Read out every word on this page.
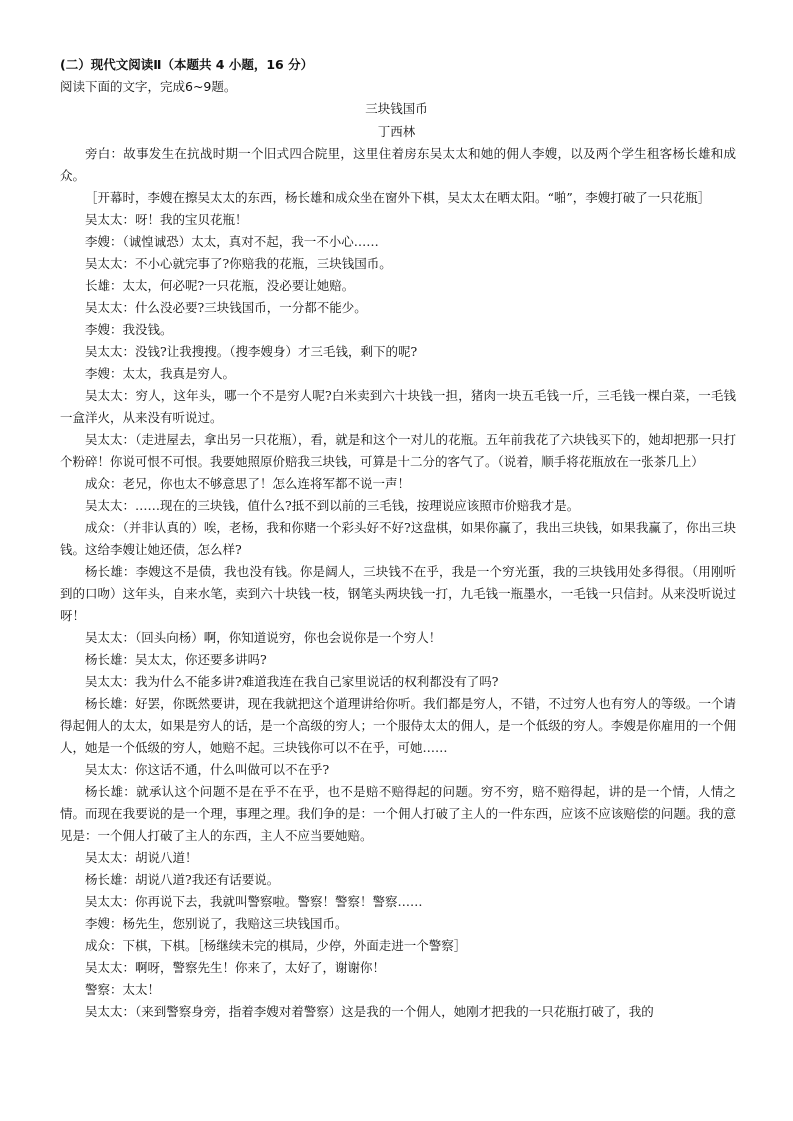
(二）现代文阅读Ⅱ（本题共 4 小题，16 分）
阅读下面的文字，完成6~9题。
三块钱国币
丁西林

旁白：故事发生在抗战时期一个旧式四合院里，这里住着房东吴太太和她的佣人李嫂，以及两个学生租客杨长雄和成众。

［开幕时，李嫂在擦吴太太的东西，杨长雄和成众坐在窗外下棋，吴太太在晒太阳。“啪”，李嫂打破了一只花瓶］

吴太太：呀！我的宝贝花瓶！

李嫂：（诚惶诚恐）太太，真对不起，我一不小心……

吴太太：不小心就完事了?你赔我的花瓶，三块钱国币。

长雄：太太，何必呢?一只花瓶，没必要让她赔。

吴太太：什么没必要?三块钱国币，一分都不能少。

李嫂：我没钱。

吴太太：没钱?让我搜搜。（搜李嫂身）才三毛钱，剩下的呢?

李嫂：太太，我真是穷人。

吴太太：穷人，这年头，哪一个不是穷人呢?白米卖到六十块钱一担，猪肉一块五毛钱一斤，三毛钱一棵白菜，一毛钱一盒洋火，从来没有听说过。

吴太太：（走进屋去，拿出另一只花瓶），看，就是和这个一对儿的花瓶。五年前我花了六块钱买下的，她却把那一只打个粉碎！你说可恨不可恨。我要她照原价赔我三块钱，可算是十二分的客气了。（说着，顺手将花瓶放在一张茶几上）

成众：老兄，你也太不够意思了！怎么连将军都不说一声！

吴太太：……现在的三块钱，值什么?抵不到以前的三毛钱，按理说应该照市价赔我才是。

成众：（并非认真的）唉，老杨，我和你赌一个彩头好不好?这盘棋，如果你赢了，我出三块钱，如果我赢了，你出三块钱。这给李嫂让她还债，怎么样?

杨长雄：李嫂这不是债，我也没有钱。你是阔人，三块钱不在乎，我是一个穷光蛋，我的三块钱用处多得很。（用刚听到的口吻）这年头，自来水笔，卖到六十块钱一枝，钢笔头两块钱一打，九毛钱一瓶墨水，一毛钱一只信封。从来没听说过呀！

吴太太：（回头向杨）啊，你知道说穷，你也会说你是一个穷人！

杨长雄：吴太太，你还要多讲吗?

吴太太：我为什么不能多讲?难道我连在我自己家里说话的权利都没有了吗?

杨长雄：好罢，你既然要讲，现在我就把这个道理讲给你听。我们都是穷人，不错，不过穷人也有穷人的等级。一个请得起佣人的太太，如果是穷人的话，是一个高级的穷人；一个服侍太太的佣人，是一个低级的穷人。李嫂是你雇用的一个佣人，她是一个低级的穷人，她赔不起。三块钱你可以不在乎，可她……

吴太太：你这话不通，什么叫做可以不在乎?

杨长雄：就承认这个问题不是在乎不在乎，也不是赔不赔得起的问题。穷不穷，赔不赔得起，讲的是一个情，人情之情。而现在我要说的是一个理，事理之理。我们争的是：一个佣人打破了主人的一件东西，应该不应该赔偿的问题。我的意见是：一个佣人打破了主人的东西，主人不应当要她赔。

吴太太：胡说八道！

杨长雄：胡说八道?我还有话要说。

吴太太：你再说下去，我就叫警察啦。警察！警察！警察……

李嫂：杨先生，您别说了，我赔这三块钱国币。

成众：下棋，下棋。［杨继续未完的棋局，少停，外面走进一个警察］

吴太太：啊呀，警察先生！你来了，太好了，谢谢你！

警察：太太！

吴太太：（来到警察身旁，指着李嫂对着警察）这是我的一个佣人，她刚才把我的一只花瓶打破了，我的
